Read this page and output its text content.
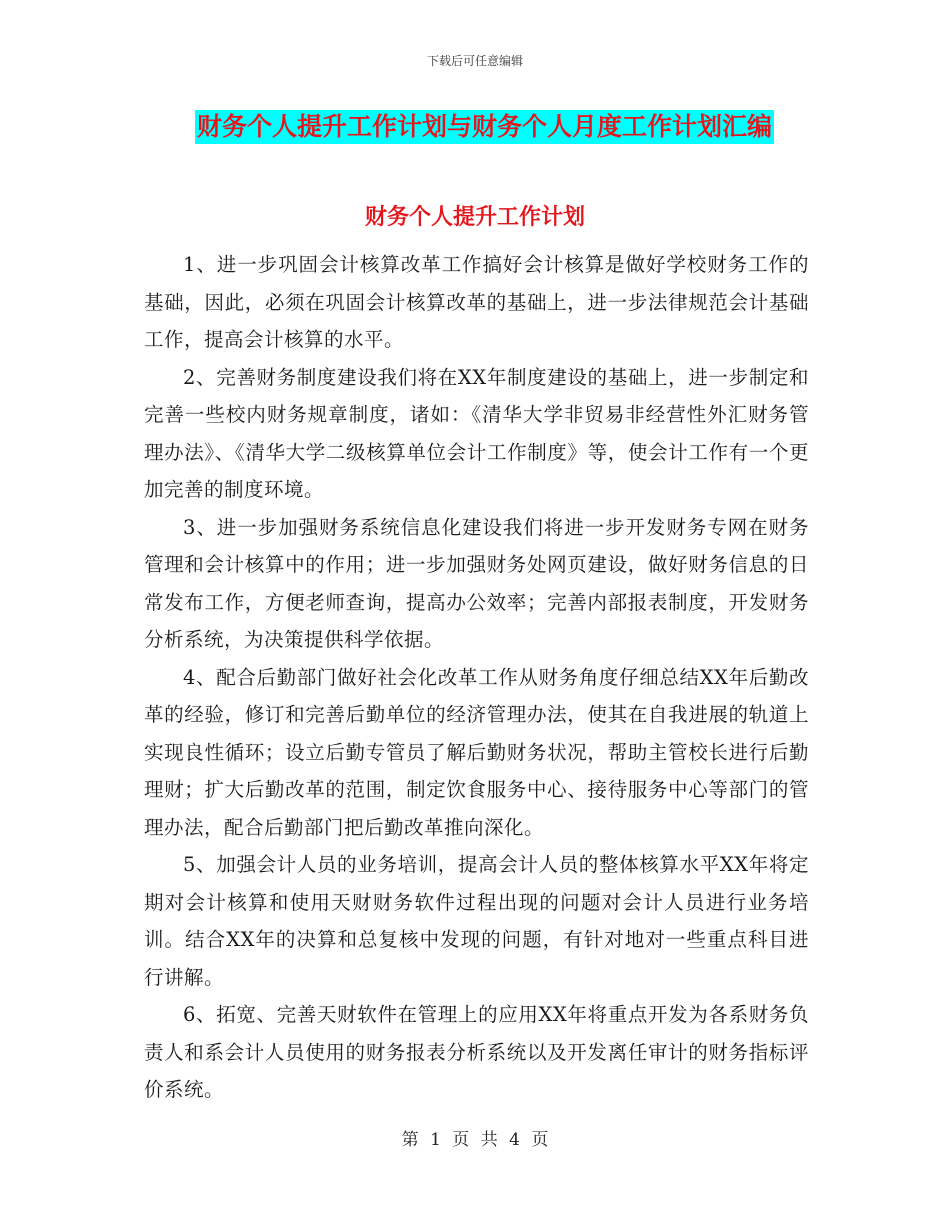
下载后可任意编辑
财务个人提升工作计划与财务个人月度工作计划汇编
财务个人提升工作计划

1、进一步巩固会计核算改革工作搞好会计核算是做好学校财务工作的基础，因此，必须在巩固会计核算改革的基础上，进一步法律规范会计基础工作，提高会计核算的水平。

2、完善财务制度建设我们将在XX年制度建设的基础上，进一步制定和完善一些校内财务规章制度，诸如：《清华大学非贸易非经营性外汇财务管理办法》、《清华大学二级核算单位会计工作制度》等，使会计工作有一个更加完善的制度环境。

3、进一步加强财务系统信息化建设我们将进一步开发财务专网在财务管理和会计核算中的作用；进一步加强财务处网页建设，做好财务信息的日常发布工作，方便老师查询，提高办公效率；完善内部报表制度，开发财务分析系统，为决策提供科学依据。

4、配合后勤部门做好社会化改革工作从财务角度仔细总结XX年后勤改革的经验，修订和完善后勤单位的经济管理办法，使其在自我进展的轨道上实现良性循环；设立后勤专管员了解后勤财务状况，帮助主管校长进行后勤理财；扩大后勤改革的范围，制定饮食服务中心、接待服务中心等部门的管理办法，配合后勤部门把后勤改革推向深化。

5、加强会计人员的业务培训，提高会计人员的整体核算水平XX年将定期对会计核算和使用天财财务软件过程出现的问题对会计人员进行业务培训。结合XX年的决算和总复核中发现的问题，有针对地对一些重点科目进行讲解。

6、拓宽、完善天财软件在管理上的应用XX年将重点开发为各系财务负责人和系会计人员使用的财务报表分析系统以及开发离任审计的财务指标评价系统。

第 1 页 共 4 页
